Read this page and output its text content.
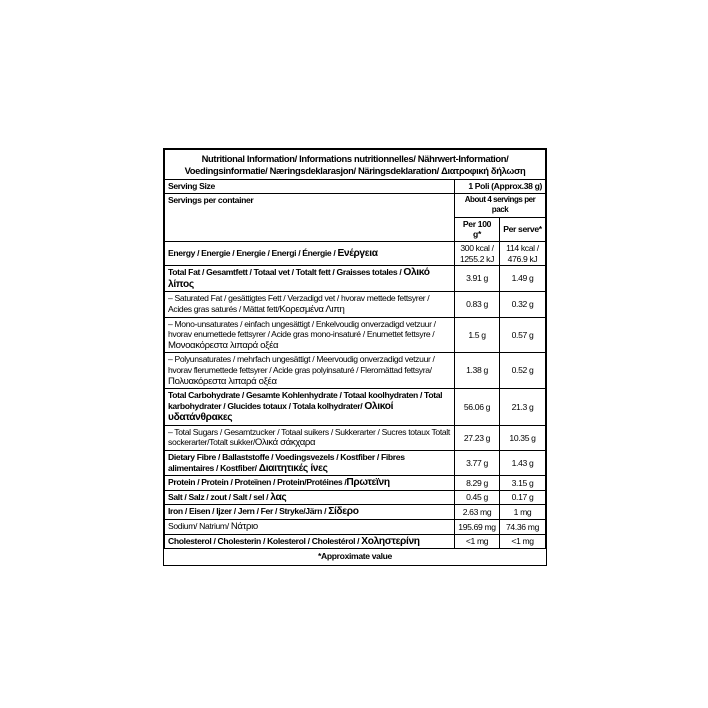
Nutritional Information/ Informations nutritionnelles/ Nährwert-Information/ Voedingsinformatie/ Næringsdeklarasjon/ Näringsdeklaration/ Διατροφική δήλωση		
Serving Size	1 Poli (Approx.38 g)	
Servings per container	About 4 servings per pack	
	Per 100 g*	Per serve*
Energy / Energie / Energie / Energi / Énergie / Ενέργεια	300 kcal / 1255.2 kJ	114 kcal / 476.9 kJ
Total Fat / Gesamtfett / Totaal vet / Totalt fett / Graisses totales / Ολικό λίπος	3.91 g	1.49 g
– Saturated Fat / gesättigtes Fett / Verzadigd vet / hvorav mettede fettsyrer / Acides gras saturés / Mättat fett/Κορεσμένα Λιπη	0.83 g	0.32 g
– Mono-unsaturates / einfach ungesättigt / Enkelvoudig onverzadigd vetzuur / hvorav enumettede fettsyrer / Acide gras mono-insaturé / Enumettet fettsyre / Μονοακόρεστα λιπαρά οξέα	1.5 g	0.57 g
– Polyunsaturates / mehrfach ungesättigt / Meervoudig onverzadigd vetzuur / hvorav flerumettede fettsyrer / Acide gras polyinsaturé / Fleromättad fettsyra/ Πολυακόρεστα λιπαρά οξέα	1.38 g	0.52 g
Total Carbohydrate / Gesamte Kohlenhydrate / Totaal koolhydraten / Total karbohydrater / Glucides totaux / Totala kolhydrater/ Ολικοί υδατάνθρακες	56.06 g	21.3 g
– Total Sugars / Gesamtzucker / Totaal suikers / Sukkerarter / Sucres totaux Totalt sockerarter/Totalt sukker/Ολικά σάκχαρα	27.23 g	10.35 g
Dietary Fibre / Ballaststoffe / Voedingsvezels / Kostfiber / Fibres alimentaires / Kostfiber/ Διαιτητικές ίνες	3.77 g	1.43 g
Protein / Protein / Proteïnen / Protein/Protéines /Πρωτεϊνη	8.29 g	3.15 g
Salt / Salz / zout / Salt / sel / λας	0.45 g	0.17 g
Iron / Eisen / Ijzer / Jern / Fer / Stryke/Järn / Σίδερο	2.63 mg	1 mg
Sodium/ Natrium/ Νάτριο	195.69 mg	74.36 mg
Cholesterol / Cholesterin / Kolesterol / Cholestérol / Χοληστερίνη	<1 mg	<1 mg
*Approximate value		
